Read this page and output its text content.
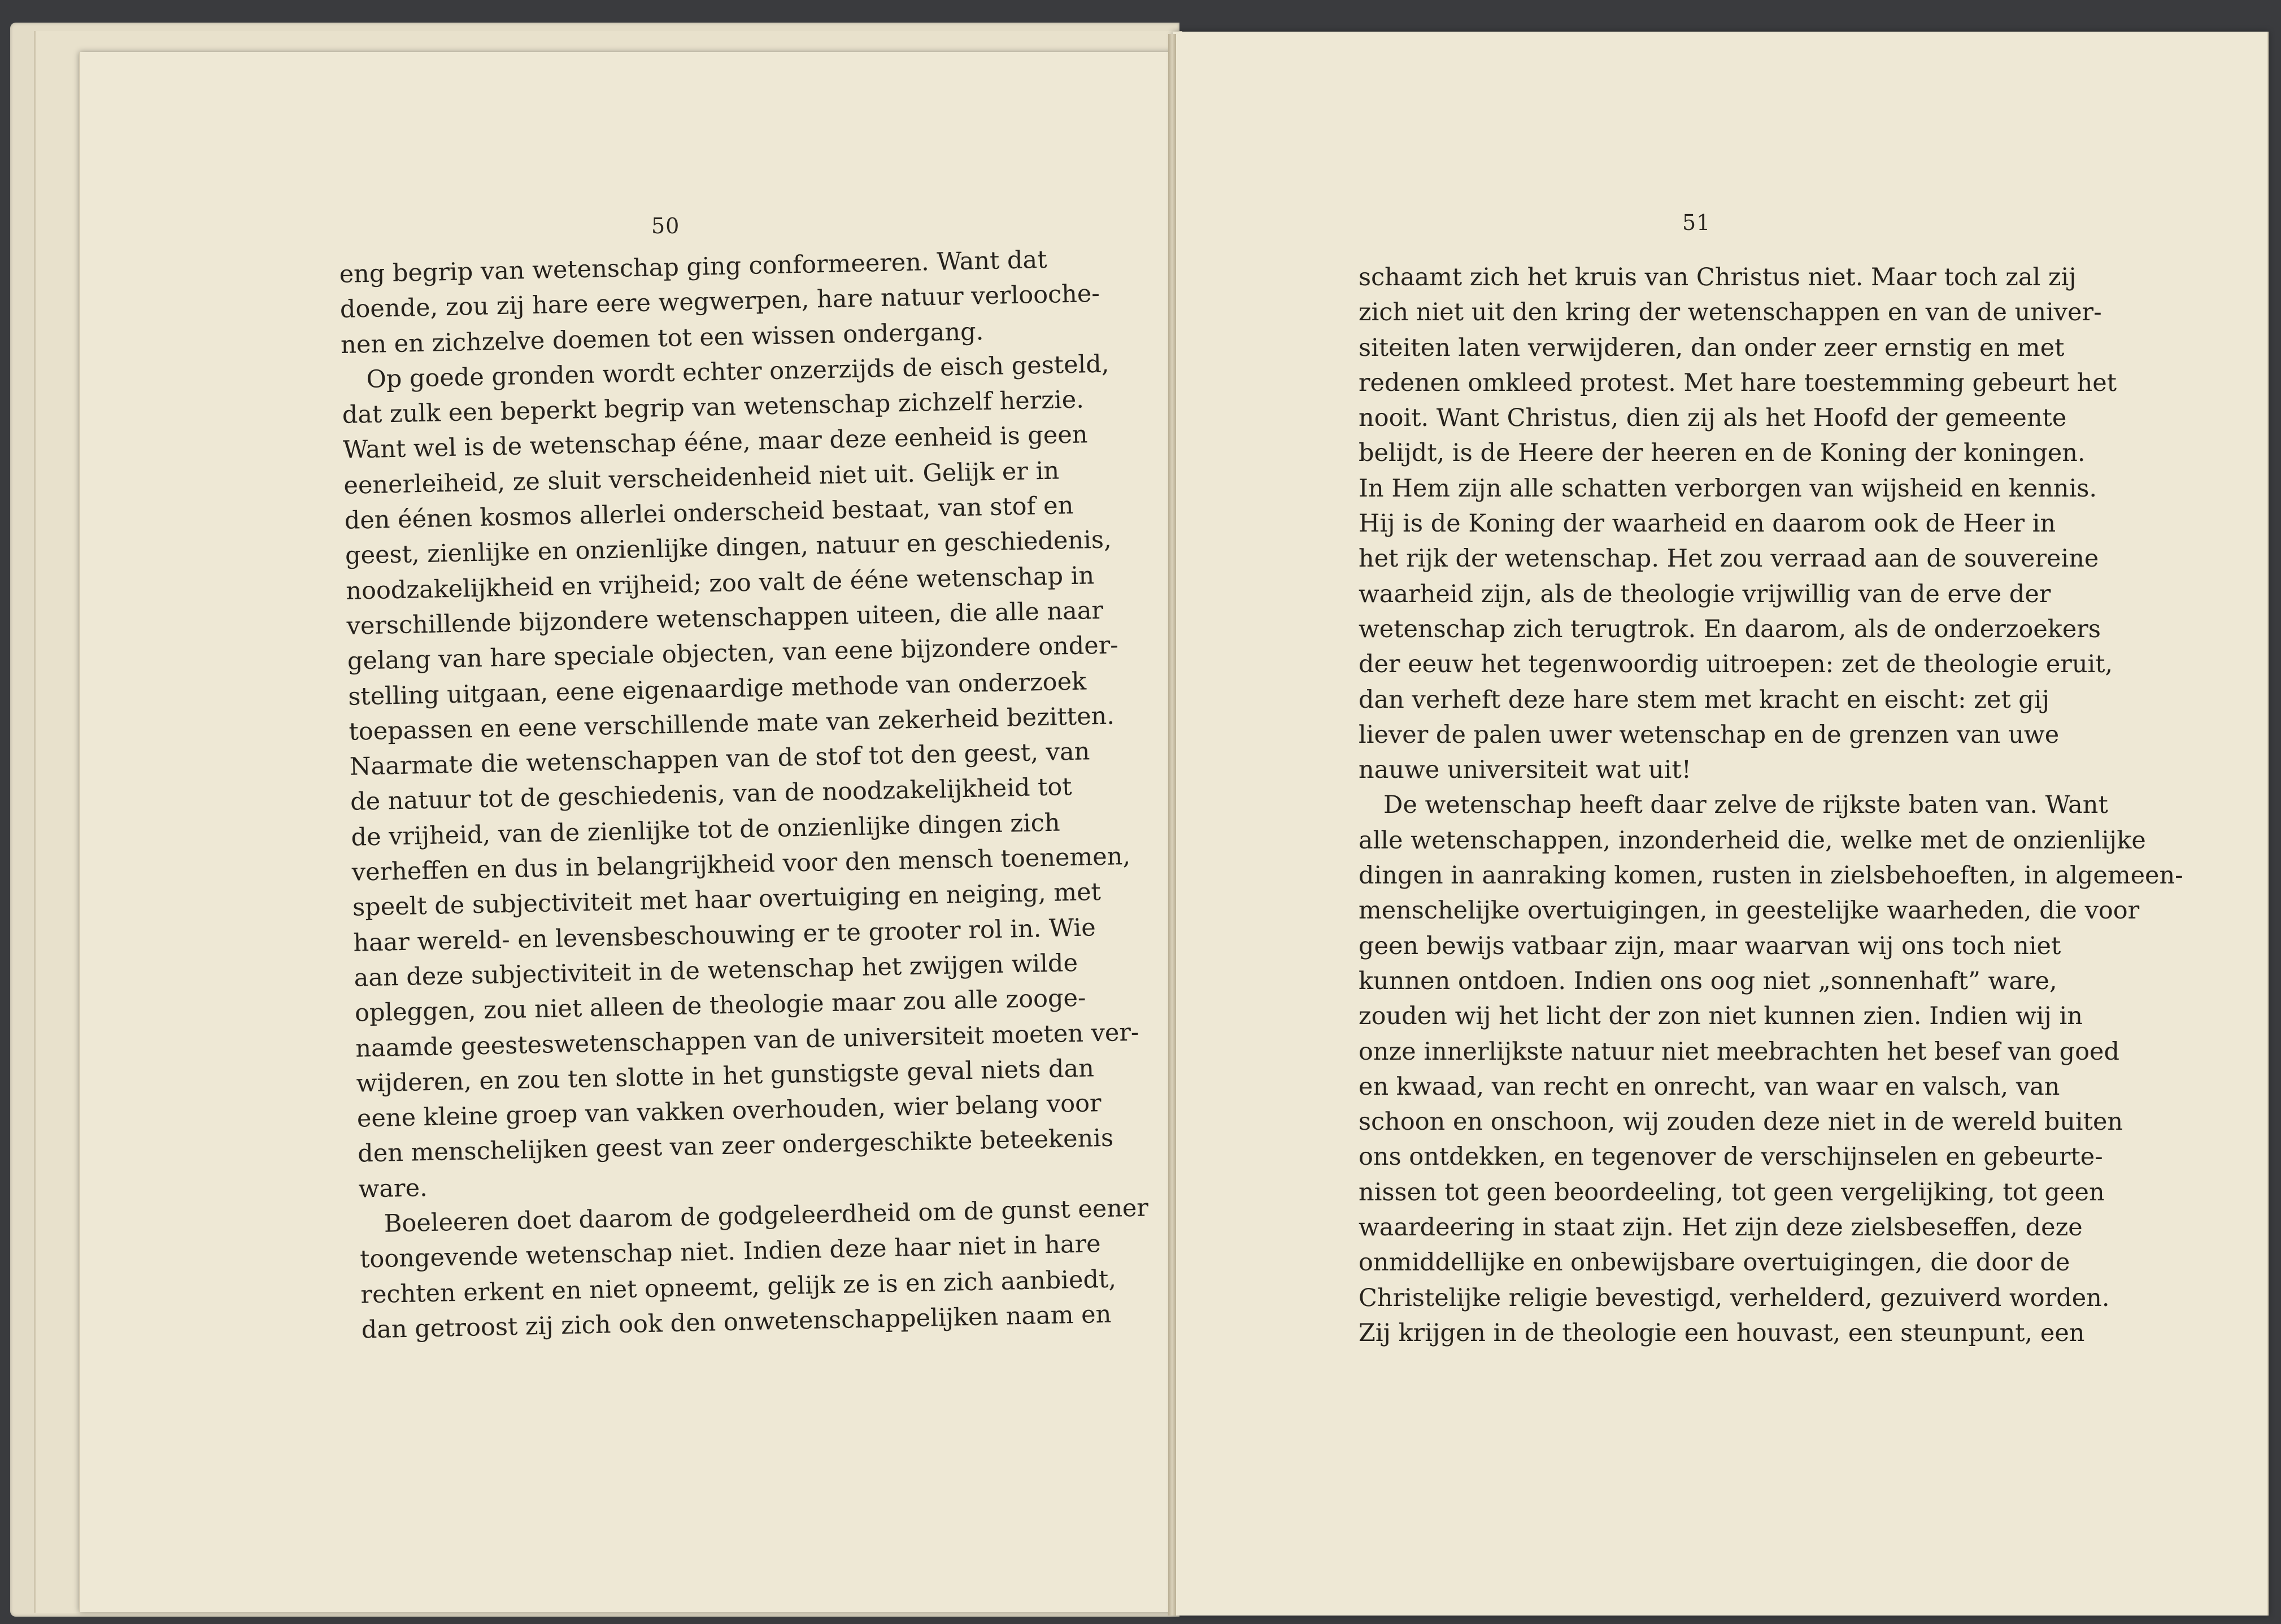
50	51
eng begrip van wetenschap ging conformeeren. Want dat
doende, zou zij hare eere wegwerpen, hare natuur verlooche-
nen en zichzelve doemen tot een wissen ondergang.
Op goede gronden wordt echter onzerzijds de eisch gesteld,
dat zulk een beperkt begrip van wetenschap zichzelf herzie.
Want wel is de wetenschap ééne, maar deze eenheid is geen
eenerleiheid, ze sluit verscheidenheid niet uit. Gelijk er in
den éénen kosmos allerlei onderscheid bestaat, van stof en
geest, zienlijke en onzienlijke dingen, natuur en geschiedenis,
noodzakelijkheid en vrijheid; zoo valt de ééne wetenschap in
verschillende bijzondere wetenschappen uiteen, die alle naar
gelang van hare speciale objecten, van eene bijzondere onder-
stelling uitgaan, eene eigenaardige methode van onderzoek
toepassen en eene verschillende mate van zekerheid bezitten.
Naarmate die wetenschappen van de stof tot den geest, van
de natuur tot de geschiedenis, van de noodzakelijkheid tot
de vrijheid, van de zienlijke tot de onzienlijke dingen zich
verheffen en dus in belangrijkheid voor den mensch toenemen,
speelt de subjectiviteit met haar overtuiging en neiging, met
haar wereld- en levensbeschouwing er te grooter rol in. Wie
aan deze subjectiviteit in de wetenschap het zwijgen wilde
opleggen, zou niet alleen de theologie maar zou alle zooge-
naamde geesteswetenschappen van de universiteit moeten ver-
wijderen, en zou ten slotte in het gunstigste geval niets dan
eene kleine groep van vakken overhouden, wier belang voor
den menschelijken geest van zeer ondergeschikte beteekenis
ware.
Boeleeren doet daarom de godgeleerdheid om de gunst eener
toongevende wetenschap niet. Indien deze haar niet in hare
rechten erkent en niet opneemt, gelijk ze is en zich aanbiedt,
dan getroost zij zich ook den onwetenschappelijken naam en
schaamt zich het kruis van Christus niet. Maar toch zal zij
zich niet uit den kring der wetenschappen en van de univer-
siteiten laten verwijderen, dan onder zeer ernstig en met
redenen omkleed protest. Met hare toestemming gebeurt het
nooit. Want Christus, dien zij als het Hoofd der gemeente
belijdt, is de Heere der heeren en de Koning der koningen.
In Hem zijn alle schatten verborgen van wijsheid en kennis.
Hij is de Koning der waarheid en daarom ook de Heer in
het rijk der wetenschap. Het zou verraad aan de souvereine
waarheid zijn, als de theologie vrijwillig van de erve der
wetenschap zich terugtrok. En daarom, als de onderzoekers
der eeuw het tegenwoordig uitroepen: zet de theologie eruit,
dan verheft deze hare stem met kracht en eischt: zet gij
liever de palen uwer wetenschap en de grenzen van uwe
nauwe universiteit wat uit!
De wetenschap heeft daar zelve de rijkste baten van. Want
alle wetenschappen, inzonderheid die, welke met de onzienlijke
dingen in aanraking komen, rusten in zielsbehoeften, in algemeen-
menschelijke overtuigingen, in geestelijke waarheden, die voor
geen bewijs vatbaar zijn, maar waarvan wij ons toch niet
kunnen ontdoen. Indien ons oog niet „sonnenhaft” ware,
zouden wij het licht der zon niet kunnen zien. Indien wij in
onze innerlijkste natuur niet meebrachten het besef van goed
en kwaad, van recht en onrecht, van waar en valsch, van
schoon en onschoon, wij zouden deze niet in de wereld buiten
ons ontdekken, en tegenover de verschijnselen en gebeurte-
nissen tot geen beoordeeling, tot geen vergelijking, tot geen
waardeering in staat zijn. Het zijn deze zielsbeseffen, deze
onmiddellijke en onbewijsbare overtuigingen, die door de
Christelijke religie bevestigd, verhelderd, gezuiverd worden.
Zij krijgen in de theologie een houvast, een steunpunt, een
